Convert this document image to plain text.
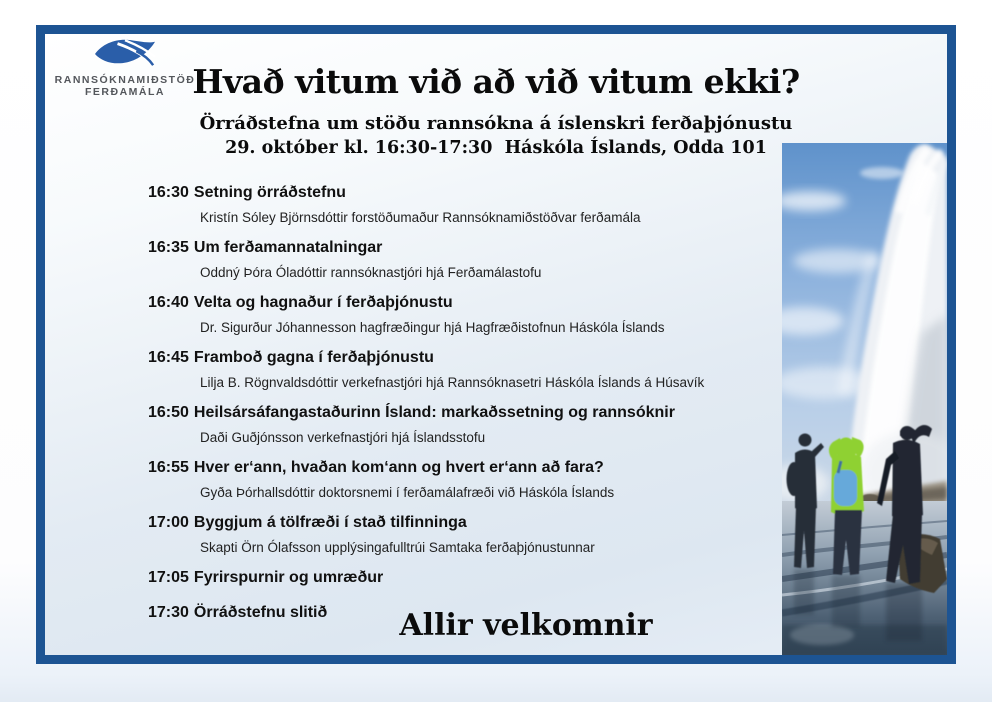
RANNSÓKNAMIÐSTÖÐ
FERÐAMÁLA Hvað vitum við að við vitum ekki?
Örráðstefna um stöðu rannsókna á íslenskri ferðaþjónustu
29. október kl. 16:30-17:30  Háskóla Íslands, Odda 101
16:30 Setning örráðstefnu
Kristín Sóley Björnsdóttir forstöðumaður Rannsóknamiðstöðvar ferðamála
16:35 Um ferðamannatalningar
Oddný Þóra Óladóttir rannsóknastjóri hjá Ferðamálastofu
16:40 Velta og hagnaður í ferðaþjónustu
Dr. Sigurður Jóhannesson hagfræðingur hjá Hagfræðistofnun Háskóla Íslands
16:45 Framboð gagna í ferðaþjónustu
Lilja B. Rögnvaldsdóttir verkefnastjóri hjá Rannsóknasetri Háskóla Íslands á Húsavík
16:50 Heilsársáfangastaðurinn Ísland: markaðssetning og rannsóknir
Daði Guðjónsson verkefnastjóri hjá Íslandsstofu
16:55 Hver er‘ann, hvaðan kom‘ann og hvert er‘ann að fara?
Gyða Þórhallsdóttir doktorsnemi í ferðamálafræði við Háskóla Íslands
17:00 Byggjum á tölfræði í stað tilfinninga
Skapti Örn Ólafsson upplýsingafulltrúi Samtaka ferðaþjónustunnar
17:05 Fyrirspurnir og umræður
17:30 Örráðstefnu slitið	Allir velkomnir
